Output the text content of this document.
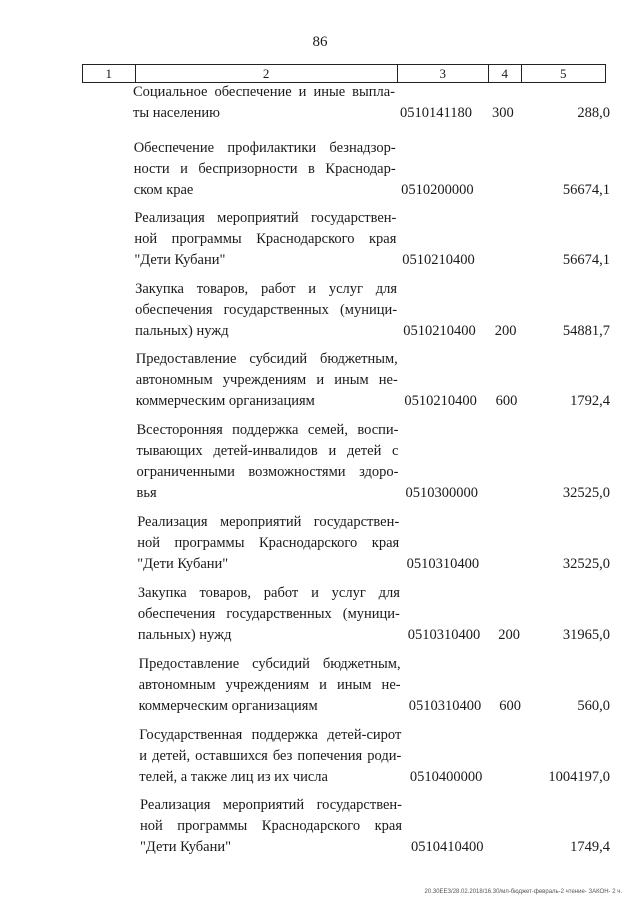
86
1	2	3	4	5
Социальное обеспечение и иные выпла-
ты населению	0510141180 300	288,0
Обеспечение профилактики безнадзор-
ности и беспризорности в Краснодар-
ском крае	0510200000	56674,1
Реализация мероприятий государствен-
ной программы Краснодарского края
"Дети Кубани"	0510210400	56674,1
Закупка товаров, работ и услуг для
обеспечения государственных (муници-
пальных) нужд	0510210400 200	54881,7
Предоставление субсидий бюджетным,
автономным учреждениям и иным не-
коммерческим организациям	0510210400 600	1792,4
Всесторонняя поддержка семей, воспи-
тывающих детей-инвалидов и детей с
ограниченными возможностями здоро-
вья	0510300000	32525,0
Реализация мероприятий государствен-
ной программы Краснодарского края
"Дети Кубани"	0510310400	32525,0
Закупка товаров, работ и услуг для
обеспечения государственных (муници-
пальных) нужд	0510310400 200	31965,0
Предоставление субсидий бюджетным,
автономным учреждениям и иным не-
коммерческим организациям	0510310400 600	560,0
Государственная поддержка детей-сирот
и детей, оставшихся без попечения роди-
телей, а также лиц из их числа	0510400000	1004197,0
Реализация мероприятий государствен-
ной программы Краснодарского края
"Дети Кубани"	0510410400	1749,4
20.30ЕЕЗ/28.02.2018/16.30/мл-бюджет-февраль-2 чтение- ЗАКОН- 2 ч.
